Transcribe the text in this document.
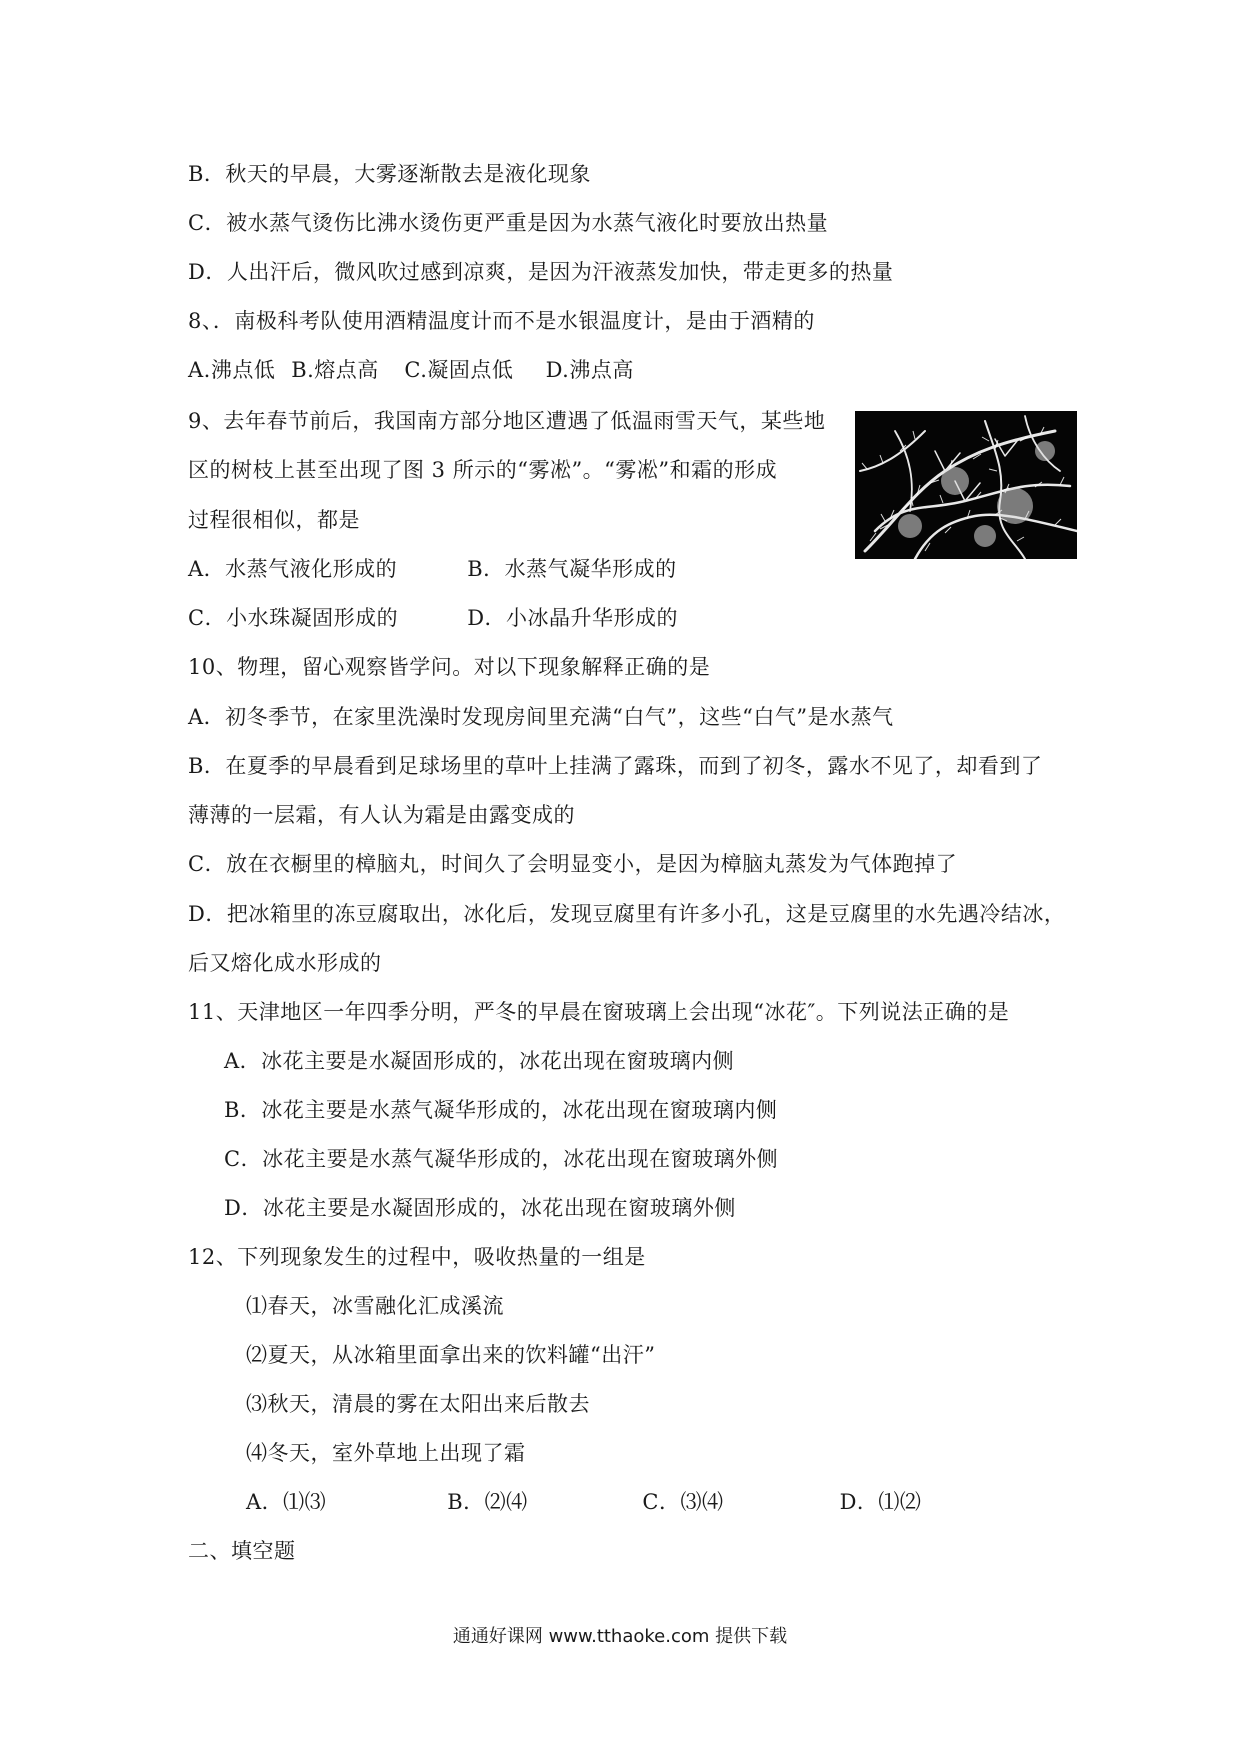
B．秋天的早晨，大雾逐渐散去是液化现象
C．被水蒸气烫伤比沸水烫伤更严重是因为水蒸气液化时要放出热量
D．人出汗后，微风吹过感到凉爽，是因为汗液蒸发加快，带走更多的热量
8、．南极科考队使用酒精温度计而不是水银温度计，是由于酒精的
A.沸点低 B.熔点高 C.凝固点低 D.沸点高
9、去年春节前后，我国南方部分地区遭遇了低温雨雪天气，某些地
区的树枝上甚至出现了图 3 所示的“雾凇”。“雾凇”和霜的形成
过程很相似，都是
A．水蒸气液化形成的	B．水蒸气凝华形成的
C．小水珠凝固形成的	D．小冰晶升华形成的
10、物理，留心观察皆学问。对以下现象解释正确的是
A．初冬季节，在家里洗澡时发现房间里充满“白气”，这些“白气”是水蒸气
B．在夏季的早晨看到足球场里的草叶上挂满了露珠，而到了初冬，露水不见了，却看到了
薄薄的一层霜，有人认为霜是由露变成的
C．放在衣橱里的樟脑丸，时间久了会明显变小，是因为樟脑丸蒸发为气体跑掉了
D．把冰箱里的冻豆腐取出，冰化后，发现豆腐里有许多小孔，这是豆腐里的水先遇冷结冰，
后又熔化成水形成的
11、天津地区一年四季分明，严冬的早晨在窗玻璃上会出现“冰花″。下列说法正确的是
A．冰花主要是水凝固形成的，冰花出现在窗玻璃内侧
B．冰花主要是水蒸气凝华形成的，冰花出现在窗玻璃内侧
C．冰花主要是水蒸气凝华形成的，冰花出现在窗玻璃外侧
D．冰花主要是水凝固形成的，冰花出现在窗玻璃外侧
12、下列现象发生的过程中，吸收热量的一组是
⑴春天，冰雪融化汇成溪流
⑵夏天，从冰箱里面拿出来的饮料罐“出汗”
⑶秋天，清晨的雾在太阳出来后散去
⑷冬天，室外草地上出现了霜
A．⑴⑶	B．⑵⑷	C．⑶⑷	D．⑴⑵
二、填空题
通通好课网 www.tthaoke.com 提供下载
